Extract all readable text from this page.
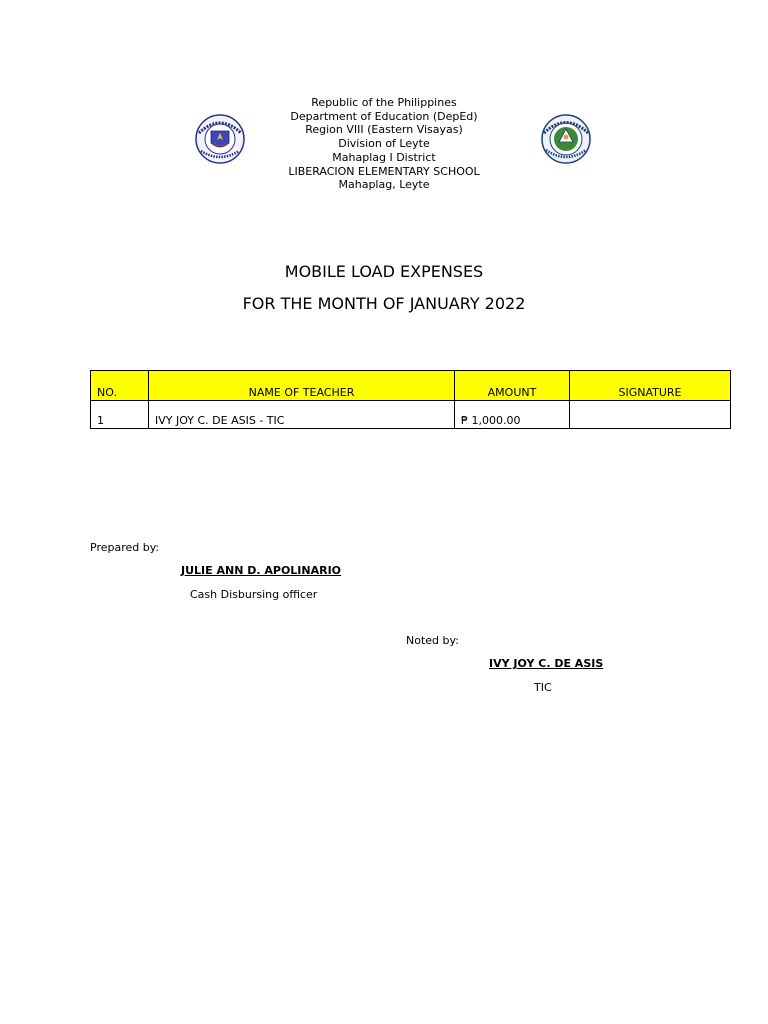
Republic of the Philippines
Department of Education (DepEd)
Region VIII (Eastern Visayas)
Division of Leyte
Mahaplag I District
LIBERACION ELEMENTARY SCHOOL
Mahaplag, Leyte
MOBILE LOAD EXPENSES
FOR THE MONTH OF JANUARY 2022
NO.	NAME OF TEACHER	AMOUNT	SIGNATURE
1	IVY JOY C. DE ASIS - TIC	₱ 1,000.00	
Prepared by:
JULIE ANN D. APOLINARIO
Cash Disbursing officer
Noted by:
IVY JOY C. DE ASIS
TIC
